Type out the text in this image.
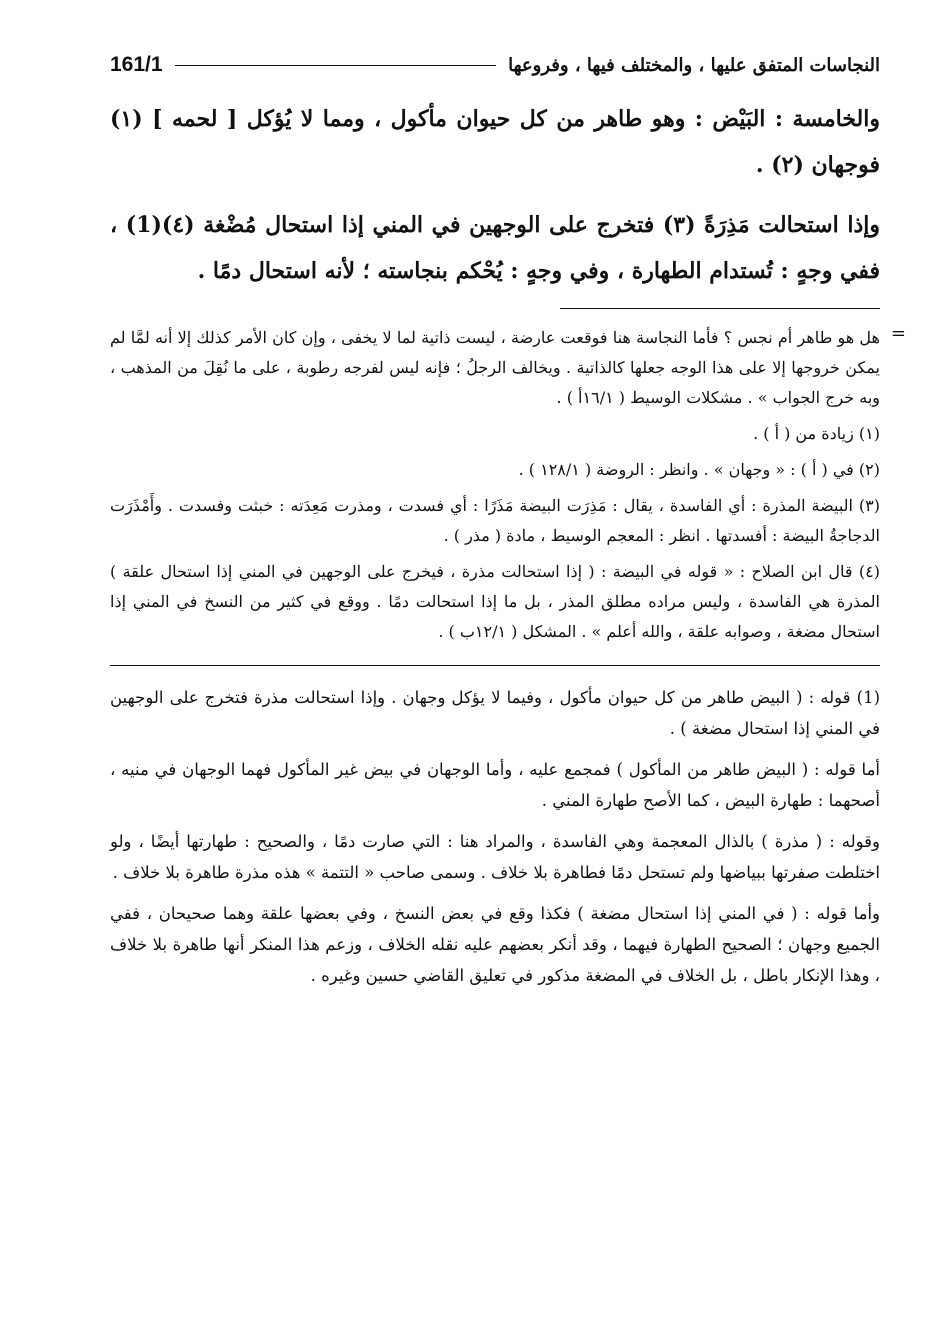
النجاسات المتفق عليها ، والمختلف فيها ، وفروعها
161/1

والخامسة : البَيْض : وهو طاهر من كل حيوان مأكول ، ومما لا يُؤكل [ لحمه ] (١) فوجهان (٢) .

وإذا استحالت مَذِرَةً (٣) فتخرج على الوجهين في المني إذا استحال مُضْغة (٤)(1) ، ففي وجهٍ : تُستدام الطهارة ، وفي وجهٍ : يُحْكم بنجاسته ؛ لأنه استحال دمًا .

=

هل هو طاهر أم نجس ؟ فأما النجاسة هنا فوقعت عارضة ، ليست ذاتية لما لا يخفى ، وإن كان الأمر كذلك إلا أنه لمَّا لم يمكن خروجها إلا على هذا الوجه جعلها كالذاتية . ويخالف الرجلُ ؛ فإنه ليس لفرجه رطوبة ، على ما نُقِلَ من المذهب ، وبه خرج الجواب » . مشكلات الوسيط ( ١٦/١أ ) .

(١) زيادة من ( أ ) .

(٢) في ( أ ) : « وجهان » . وانظر : الروضة ( ١٢٨/١ ) .

(٣) البيضة المذرة : أي الفاسدة ، يقال : مَذِرَت البيضة مَذَرًا : أي فسدت ، ومذرت مَعِدَته : خبثت وفسدت . وأَمْذَرَت الدجاجةُ البيضة : أفسدتها . انظر : المعجم الوسيط ، مادة ( مذر ) .

(٤) قال ابن الصلاح : « قوله في البيضة : ( إذا استحالت مذرة ، فيخرج على الوجهين في المني إذا استحال علقة ) المذرة هي الفاسدة ، وليس مراده مطلق المذر ، بل ما إذا استحالت دمًا . ووقع في كثير من النسخ في المني إذا استحال مضغة ، وصوابه علقة ، والله أعلم » . المشكل ( ١٢/١ب ) .

(1) قوله : ( البيض طاهر من كل حيوان مأكول ، وفيما لا يؤكل وجهان . وإذا استحالت مذرة فتخرج على الوجهين في المني إذا استحال مضغة ) .

أما قوله : ( البيض طاهر من المأكول ) فمجمع عليه ، وأما الوجهان في بيض غير المأكول فهما الوجهان في منيه ، أصحهما : طهارة البيض ، كما الأصح طهارة المني .

وقوله : ( مذرة ) بالذال المعجمة وهي الفاسدة ، والمراد هنا : التي صارت دمًا ، والصحيح : طهارتها أيضًا ، ولو اختلطت صفرتها ببياضها ولم تستحل دمًا فطاهرة بلا خلاف . وسمى صاحب « التتمة » هذه مذرة طاهرة بلا خلاف .

وأما قوله : ( في المني إذا استحال مضغة ) فكذا وقع في بعض النسخ ، وفي بعضها علقة وهما صحيحان ، ففي الجميع وجهان ؛ الصحيح الطهارة فيهما ، وقد أنكر بعضهم عليه نقله الخلاف ، وزعم هذا المنكر أنها طاهرة بلا خلاف ، وهذا الإنكار باطل ، بل الخلاف في المضغة مذكور في تعليق القاضي حسين وغيره .
